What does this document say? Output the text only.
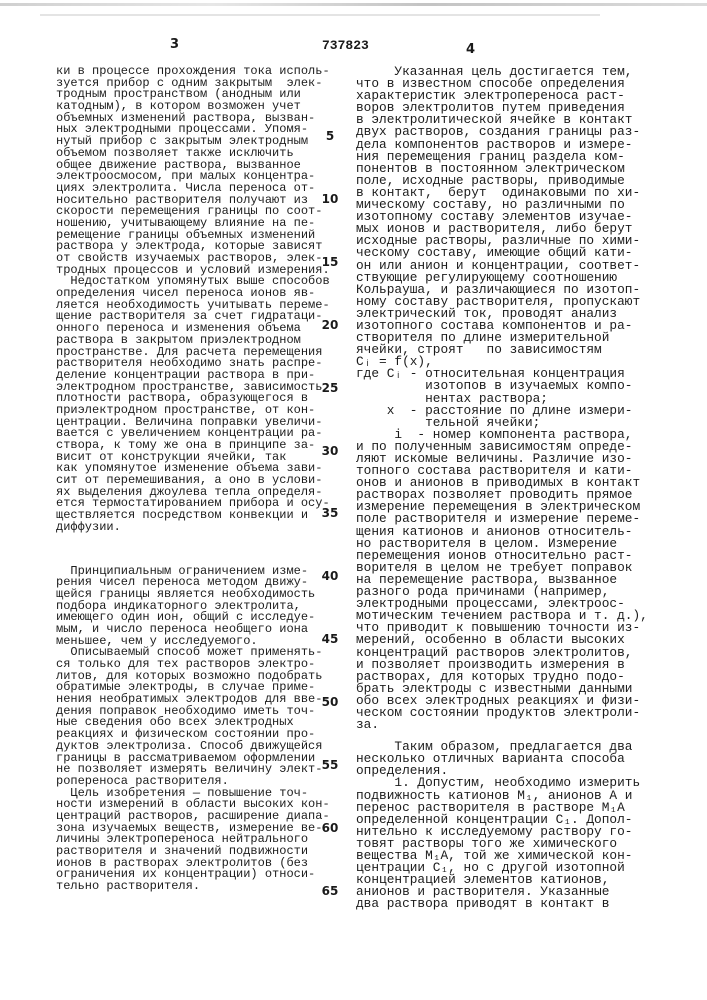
3	737823	4
ки в процессе прохождения тока исполь-
зуется прибор с одним закрытым  элек-
тродным пространством (анодным или
катодным), в котором возможен учет
объемных изменений раствора, вызван-
ных электродными процессами. Упомя-
нутый прибор с закрытым электродным
объемом позволяет также исключить
общее движение раствора, вызванное
электроосмосом, при малых концентра-
циях электролита. Числа переноса от-
носительно растворителя получают из
скорости перемещения границы по соот-
ношению, учитывающему влияние на пе-
ремещение границы объемных изменений
раствора у электрода, которые зависят
от свойств изучаемых растворов, элек-
тродных процессов и условий измерения.
Недостатком упомянутых выше способов
определения чисел переноса ионов яв-
ляется необходимость учитывать переме-
щение растворителя за счет гидратаци-
онного переноса и изменения объема
раствора в закрытом приэлектродном
пространстве. Для расчета перемещения
растворителя необходимо знать распре-
деление концентрации раствора в при-
электродном пространстве, зависимость
плотности раствора, образующегося в
приэлектродном пространстве, от кон-
центрации. Величина поправки увеличи-
вается с увеличением концентрации ра-
створа, к тому же она в принципе за-
висит от конструкции ячейки, так
как упомянутое изменение объема зави-
сит от перемешивания, а оно в услови-
ях выделения джоулева тепла определя-
ется термостатированием прибора и осу-
ществляется посредством конвекции и
диффузии.
Принципиальным ограничением изме-
рения чисел переноса методом движу-
щейся границы является необходимость
подбора индикаторного электролита,
имеющего один ион, общий с исследуе-
мым, и число переноса необщего иона
меньшее, чем у исследуемого.
Описываемый способ может применять-
ся только для тех растворов электро-
литов, для которых возможно подобрать
обратимые электроды, в случае приме-
нения необратимых электродов для вве-
дения поправок необходимо иметь точ-
ные сведения обо всех электродных
реакциях и физическом состоянии про-
дуктов электролиза. Способ движущейся
границы в рассматриваемом оформлении
не позволяет измерять величину элект-
ропереноса растворителя.
Цель изобретения — повышение точ-
ности измерений в области высоких кон-
центраций растворов, расширение диапа-
зона изучаемых веществ, измерение ве-
личины электропереноса нейтрального
растворителя и значений подвижности
ионов в растворах электролитов (без
ограничения их концентрации) относи-
тельно растворителя.
5
10
15
20
25
30
35
40
45
50
55
60
65
Указанная цель достигается тем,
что в известном способе определения
характеристик электропереноса раст-
воров электролитов путем приведения
в электролитической ячейке в контакт
двух растворов, создания границы раз-
дела компонентов растворов и измере-
ния перемещения границ раздела ком-
понентов в постоянном электрическом
поле, исходные растворы, приводимые
в контакт,  берут  одинаковыми по хи-
мическому составу, но различными по
изотопному составу элементов изучае-
мых ионов и растворителя, либо берут
исходные растворы, различные по хими-
ческому составу, имеющие общий кати-
он или анион и концентрации, соответ-
ствующие регулирующему соотношению
Кольрауша, и различающиеся по изотоп-
ному составу растворителя, пропускают
электрический ток, проводят анализ
изотопного состава компонентов и ра-
створителя по длине измерительной
ячейки, строят   по зависимостям
Cᵢ = f(x),
где Cᵢ - относительная концентрация
изотопов в изучаемых компо-
нентах раствора;
x  - расстояние по длине измери-
тельной ячейки;
i  - номер компонента раствора,
и по полученным зависимостям опреде-
ляют искомые величины. Различие изо-
топного состава растворителя и кати-
онов и анионов в приводимых в контакт
растворах позволяет проводить прямое
измерение перемещения в электрическом
поле растворителя и измерение переме-
щения катионов и анионов относитель-
но растворителя в целом. Измерение
перемещения ионов относительно раст-
ворителя в целом не требует поправок
на перемещение раствора, вызванное
разного рода причинами (например,
электродными процессами, электроос-
мотическим течением раствора и т. д.),
что приводит к повышению точности из-
мерений, особенно в области высоких
концентраций растворов электролитов,
и позволяет производить измерения в
растворах, для которых трудно подо-
брать электроды с известными данными
обо всех электродных реакциях и физи-
ческом состоянии продуктов электроли-
за.
Таким образом, предлагается два
несколько отличных варианта способа
определения.
1. Допустим, необходимо измерить
подвижность катионов M₁, анионов A и
перенос растворителя в растворе M₁A
определенной концентрации C₁. Допол-
нительно к исследуемому раствору го-
товят растворы того же химического
вещества M₁A, той же химической кон-
центрации C₁, но с другой изотопной
концентрацией элементов катионов,
анионов и растворителя. Указанные
два раствора приводят в контакт в
